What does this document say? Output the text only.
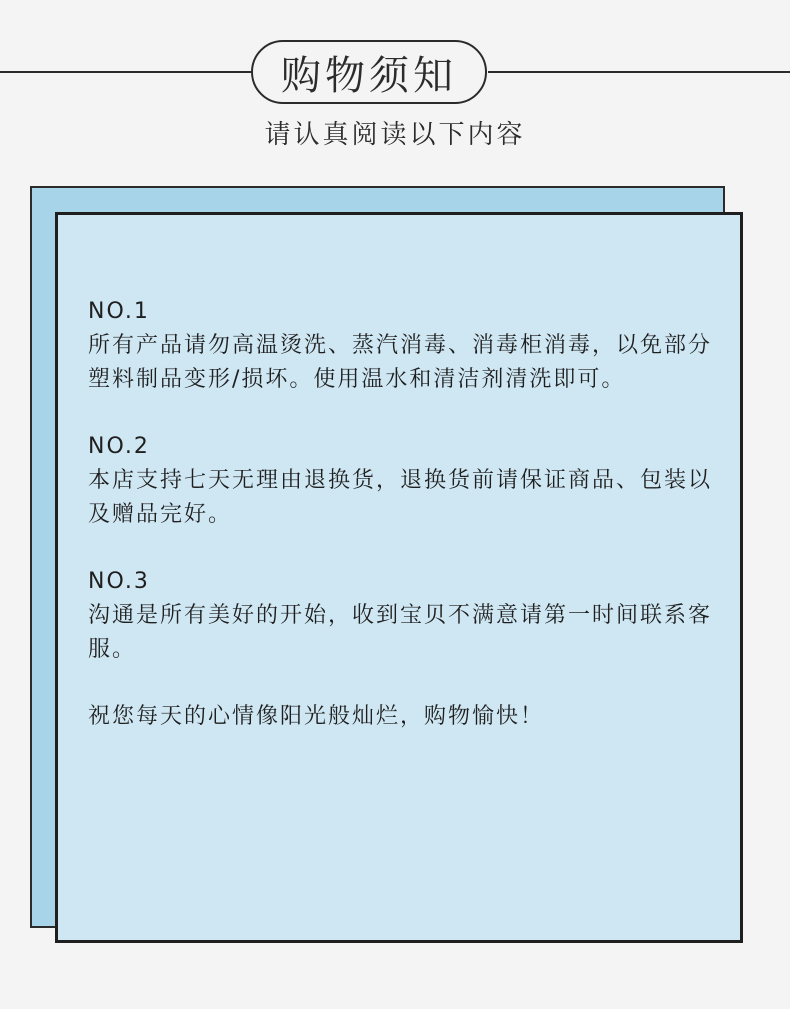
购物须知
请认真阅读以下内容
NO.1
所有产品请勿高温烫洗、蒸汽消毒、消毒柜消毒，以免部分塑料制品变形/损坏。使用温水和清洁剂清洗即可。
NO.2
本店支持七天无理由退换货，退换货前请保证商品、包装以及赠品完好。
NO.3
沟通是所有美好的开始，收到宝贝不满意请第一时间联系客服。
祝您每天的心情像阳光般灿烂，购物愉快！
